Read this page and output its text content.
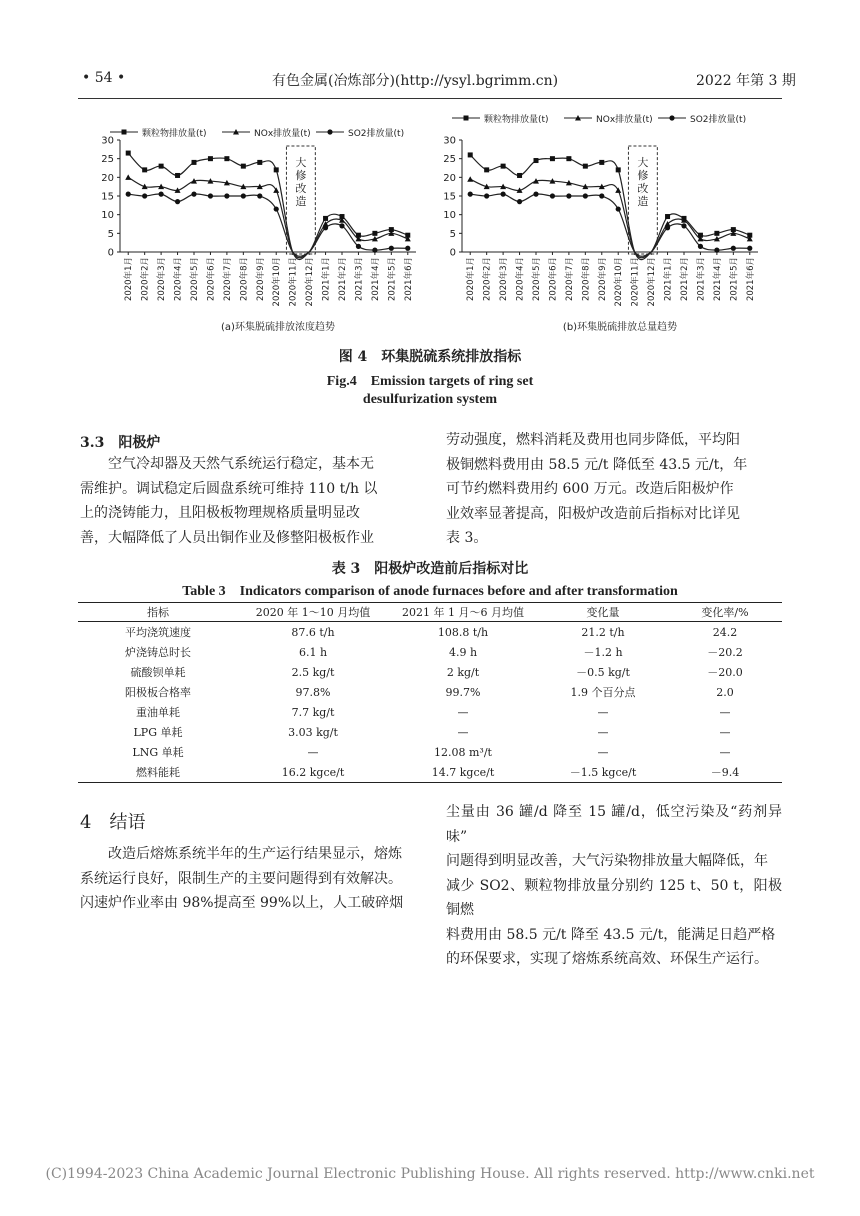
• 54 •	有色金属(冶炼部分)(http://ysyl.bgrimm.cn)	2022 年第 3 期
颗粒物排放量(t)	NOx排放量(t)	SO2排放量(t)
0
5
10
15
20
25
30
2020年1月 2020年2月 2020年3月 2020年4月 2020年5月 2020年6月 2020年7月 2020年8月 2020年9月 2020年10月 2020年11月 2020年12月 2021年1月 2021年2月 2021年3月 2021年4月 2021年5月 2021年6月
大
修
改
造
(a)环集脱硫排放浓度趋势
颗粒物排放量(t)	NOx排放量(t)	SO2排放量(t)
0
5
10
15
20
25
30
2020年1月 2020年2月 2020年3月 2020年4月 2020年5月 2020年6月 2020年7月 2020年8月 2020年9月 2020年10月 2020年11月 2020年12月 2021年1月 2021年2月 2021年3月 2021年4月 2021年5月 2021年6月
大
修
改
造
(b)环集脱硫排放总量趋势
图 4　环集脱硫系统排放指标
Fig.4　Emission targets of ring set
desulfurization system
3.3　阳极炉
空气冷却器及天然气系统运行稳定，基本无
需维护。调试稳定后圆盘系统可维持 110 t/h 以
上的浇铸能力，且阳极板物理规格质量明显改
善，大幅降低了人员出铜作业及修整阳极板作业
劳动强度，燃料消耗及费用也同步降低，平均阳
极铜燃料费用由 58.5 元/t 降低至 43.5 元/t，年
可节约燃料费用约 600 万元。改造后阳极炉作
业效率显著提高，阳极炉改造前后指标对比详见
表 3。
表 3　阳极炉改造前后指标对比
Table 3　Indicators comparison of anode furnaces before and after transformation
指标	2020 年 1～10 月均值	2021 年 1 月～6 月均值	变化量	变化率/%
平均浇筑速度	87.6 t/h	108.8 t/h	21.2 t/h	24.2
炉浇铸总时长	6.1 h	4.9 h	－1.2 h	－20.2
硫酸钡单耗	2.5 kg/t	2 kg/t	－0.5 kg/t	－20.0
阳极板合格率	97.8%	99.7%	1.9 个百分点	2.0
重油单耗	7.7 kg/t	—	—	—
LPG 单耗	3.03 kg/t	—	—	—
LNG 单耗	—	12.08 m³/t	—	—
燃料能耗	16.2 kgce/t	14.7 kgce/t	－1.5 kgce/t	－9.4
4　结语
改造后熔炼系统半年的生产运行结果显示，熔炼
系统运行良好，限制生产的主要问题得到有效解决。
闪速炉作业率由 98%提高至 99%以上，人工破碎烟
尘量由 36 罐/d 降至 15 罐/d，低空污染及“药剂异味”
问题得到明显改善，大气污染物排放量大幅降低，年
减少 SO2、颗粒物排放量分别约 125 t、50 t，阳极铜燃
料费用由 58.5 元/t 降至 43.5 元/t，能满足日趋严格
的环保要求，实现了熔炼系统高效、环保生产运行。
(C)1994-2023 China Academic Journal Electronic Publishing House. All rights reserved. http://www.cnki.net
